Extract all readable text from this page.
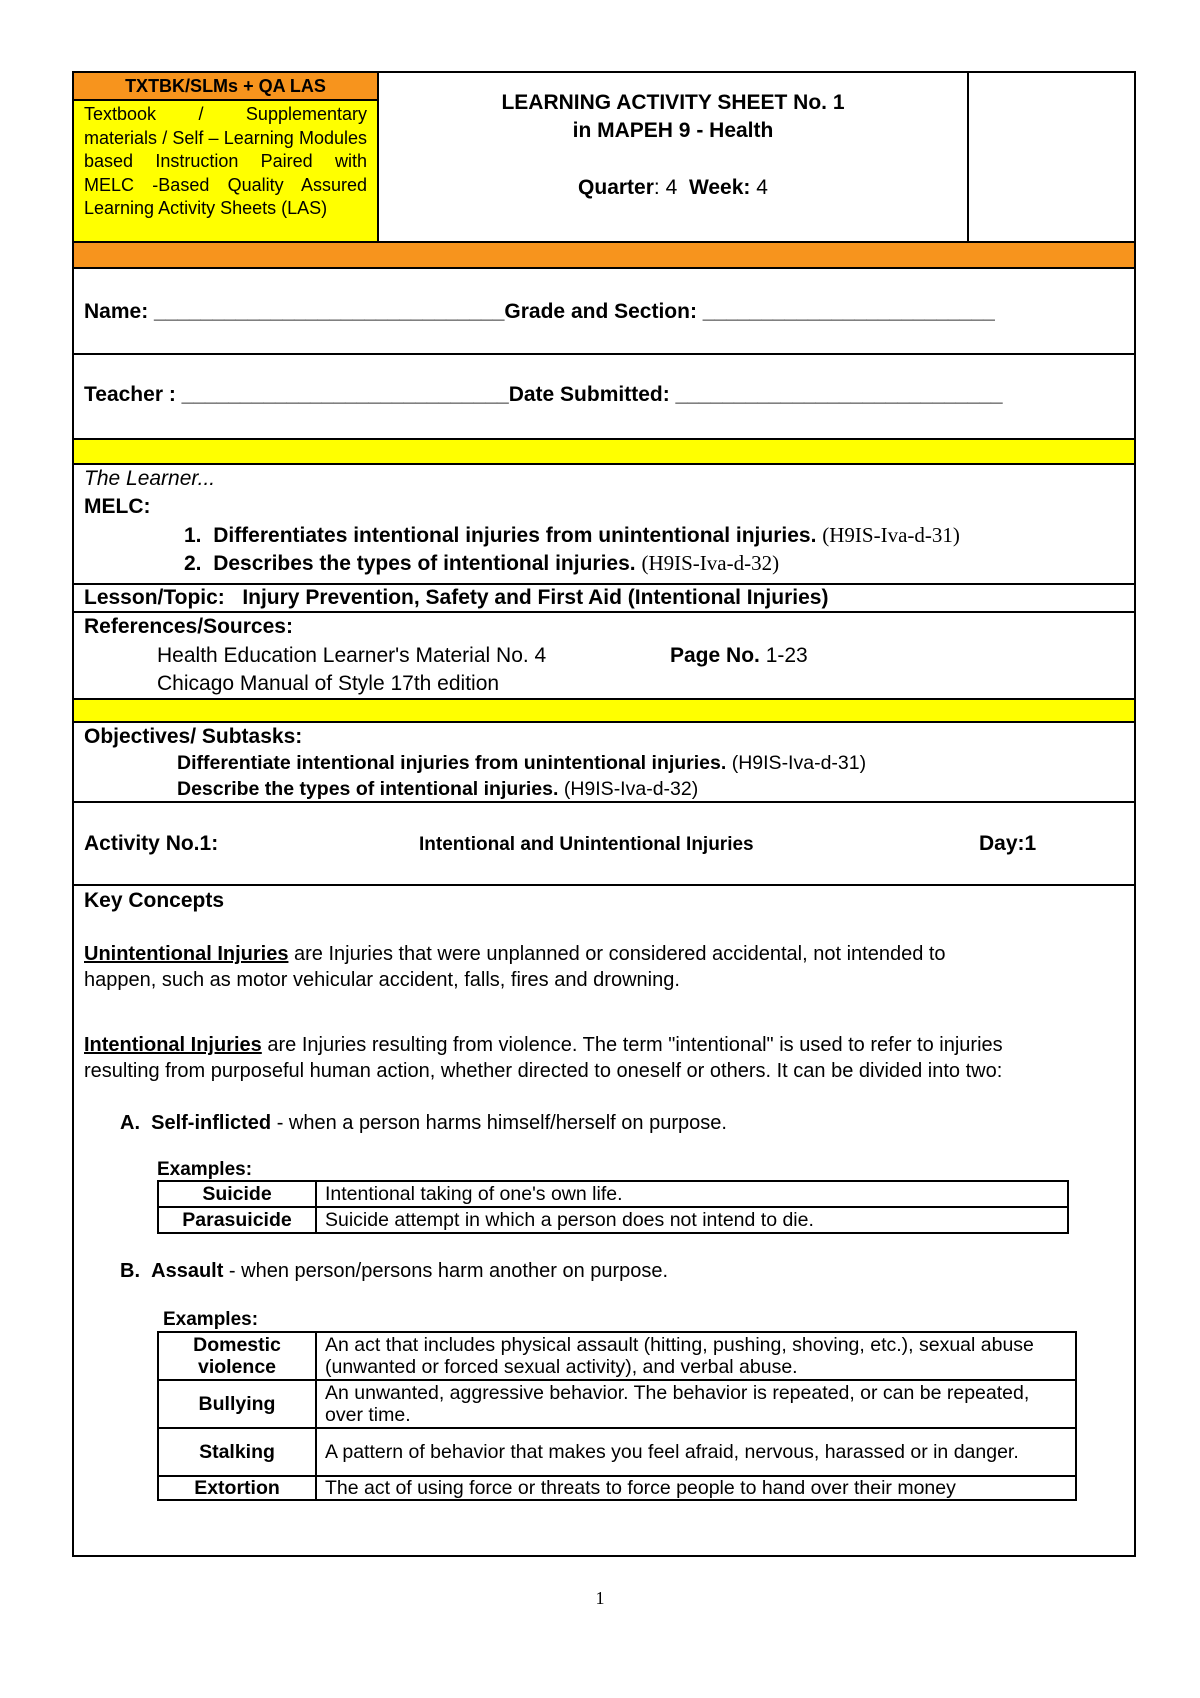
TXTBK/SLMs + QA LAS
Textbook / Supplementary materials / Self – Learning Modules based Instruction Paired with MELC -Based Quality Assured Learning Activity Sheets (LAS)
LEARNING ACTIVITY SHEET No. 1
in MAPEH 9 - Health
Quarter: 4 Week: 4
Name: ______________________________Grade and Section: _________________________
Teacher : ____________________________Date Submitted: ____________________________
The Learner...
MELC:
1. Differentiates intentional injuries from unintentional injuries. (H9IS-Iva-d-31)
2. Describes the types of intentional injuries. (H9IS-Iva-d-32)
Lesson/Topic: Injury Prevention, Safety and First Aid (Intentional Injuries)
References/Sources:
Health Education Learner's Material No. 4	Page No. 1-23
Chicago Manual of Style 17th edition
Objectives/ Subtasks:
Differentiate intentional injuries from unintentional injuries. (H9IS-Iva-d-31)
Describe the types of intentional injuries. (H9IS-Iva-d-32)
Activity No.1:	Intentional and Unintentional Injuries	Day:1
Key Concepts
Unintentional Injuries are Injuries that were unplanned or considered accidental, not intended to
happen, such as motor vehicular accident, falls, fires and drowning.
Intentional Injuries are Injuries resulting from violence. The term "intentional" is used to refer to injuries
resulting from purposeful human action, whether directed to oneself or others. It can be divided into two:
A. Self-inflicted - when a person harms himself/herself on purpose.
Examples:
Suicide	Intentional taking of one's own life.
Parasuicide	Suicide attempt in which a person does not intend to die.
B. Assault - when person/persons harm another on purpose.
Examples:
Domestic violence	An act that includes physical assault (hitting, pushing, shoving, etc.), sexual abuse (unwanted or forced sexual activity), and verbal abuse.
Bullying	An unwanted, aggressive behavior. The behavior is repeated, or can be repeated, over time.
Stalking	A pattern of behavior that makes you feel afraid, nervous, harassed or in danger.
Extortion	The act of using force or threats to force people to hand over their money
1
